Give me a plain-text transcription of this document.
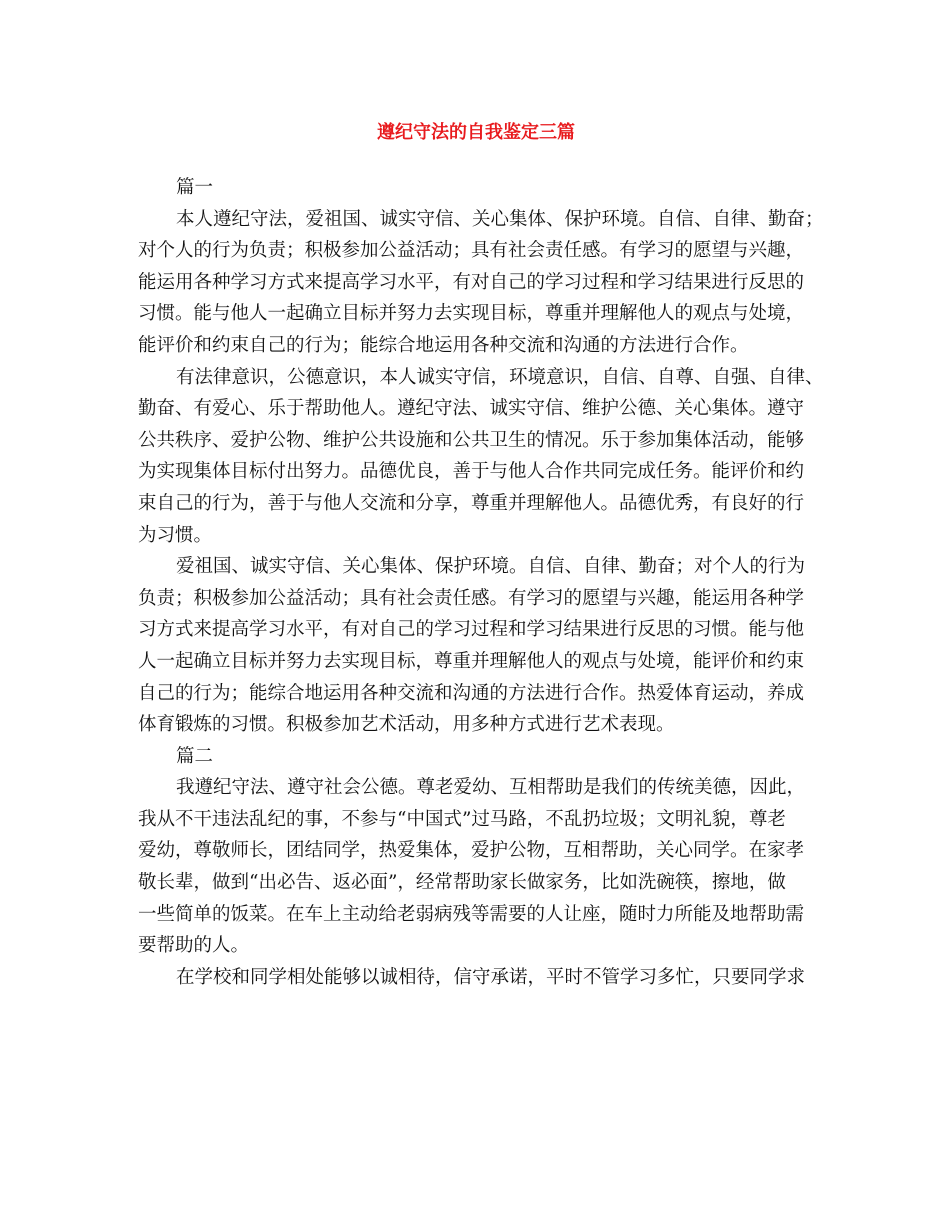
遵纪守法的自我鉴定三篇

篇一

本人遵纪守法，爱祖国、诚实守信、关心集体、保护环境。自信、自律、勤奋；

对个人的行为负责；积极参加公益活动；具有社会责任感。有学习的愿望与兴趣，

能运用各种学习方式来提高学习水平，有对自己的学习过程和学习结果进行反思的

习惯。能与他人一起确立目标并努力去实现目标，尊重并理解他人的观点与处境，

能评价和约束自己的行为；能综合地运用各种交流和沟通的方法进行合作。

有法律意识，公德意识，本人诚实守信，环境意识，自信、自尊、自强、自律、

勤奋、有爱心、乐于帮助他人。遵纪守法、诚实守信、维护公德、关心集体。遵守

公共秩序、爱护公物、维护公共设施和公共卫生的情况。乐于参加集体活动，能够

为实现集体目标付出努力。品德优良，善于与他人合作共同完成任务。能评价和约

束自己的行为，善于与他人交流和分享，尊重并理解他人。品德优秀，有良好的行

为习惯。

爱祖国、诚实守信、关心集体、保护环境。自信、自律、勤奋；对个人的行为

负责；积极参加公益活动；具有社会责任感。有学习的愿望与兴趣，能运用各种学

习方式来提高学习水平，有对自己的学习过程和学习结果进行反思的习惯。能与他

人一起确立目标并努力去实现目标，尊重并理解他人的观点与处境，能评价和约束

自己的行为；能综合地运用各种交流和沟通的方法进行合作。热爱体育运动，养成

体育锻炼的习惯。积极参加艺术活动，用多种方式进行艺术表现。

篇二

我遵纪守法、遵守社会公德。尊老爱幼、互相帮助是我们的传统美德，因此，

我从不干违法乱纪的事，不参与“中国式”过马路，不乱扔垃圾；文明礼貌，尊老

爱幼，尊敬师长，团结同学，热爱集体，爱护公物，互相帮助，关心同学。在家孝

敬长辈，做到“出必告、返必面”，经常帮助家长做家务，比如洗碗筷，擦地，做

一些简单的饭菜。在车上主动给老弱病残等需要的人让座，随时力所能及地帮助需

要帮助的人。

在学校和同学相处能够以诚相待，信守承诺，平时不管学习多忙，只要同学求
